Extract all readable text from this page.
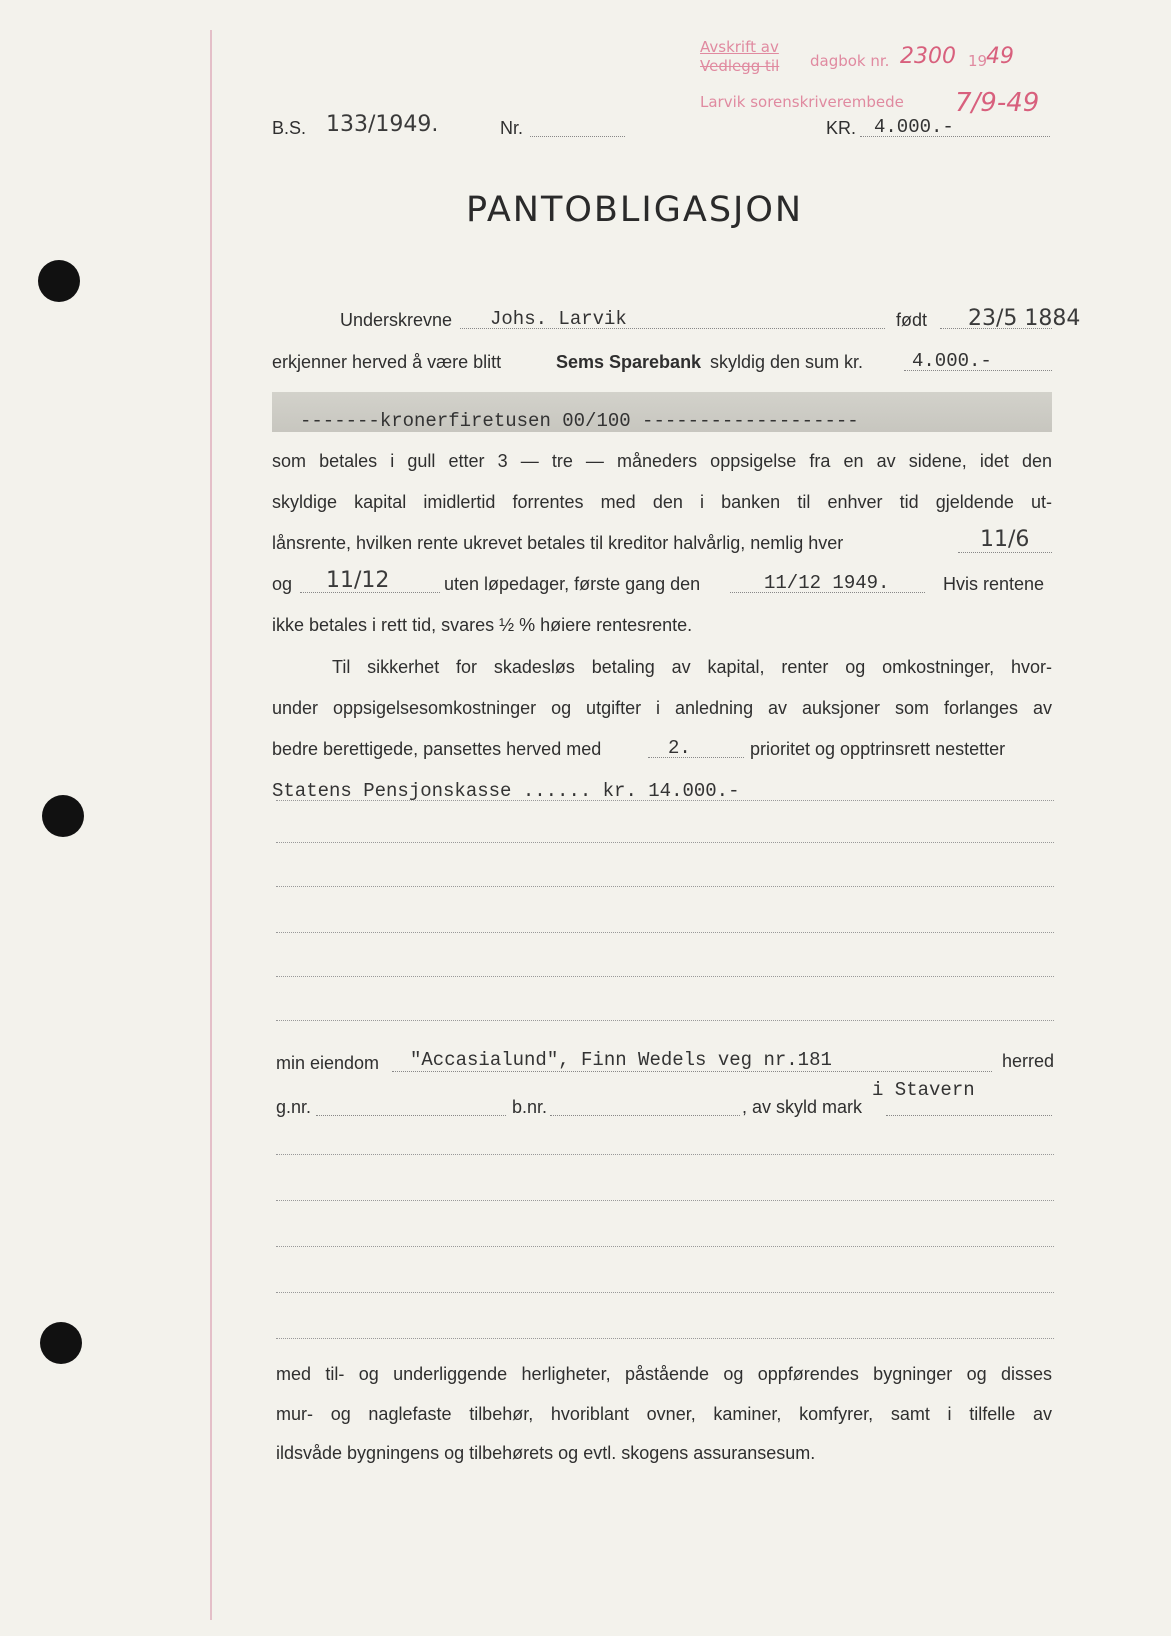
Avskrift av
Vedlegg til
Larvik sorenskriverembede
dagbok nr. 2300 19
49
7/9-49
B.S. 133/1949.	Nr.	KR. 4.000.-
PANTOBLIGASJON
Underskrevne Johs. Larvik	født 23/5 1884
erkjenner herved å være blitt	Sems Sparebank skyldig den sum kr.	4.000.-
-------kronerfiretusen 00/100 -------------------
som betales i gull etter 3 — tre — måneders oppsigelse fra en av sidene, idet den
skyldige kapital imidlertid forrentes med den i banken til enhver tid gjeldende ut-
lånsrente, hvilken rente ukrevet betales til kreditor halvårlig, nemlig hver	11/6
og 11/12	uten løpedager, første gang den	11/12 1949.	Hvis rentene
ikke betales i rett tid, svares ½ % høiere rentesrente.
Til sikkerhet for skadesløs betaling av kapital, renter og omkostninger, hvor-
under oppsigelsesomkostninger og utgifter i anledning av auksjoner som forlanges av
bedre berettigede, pansettes herved med	2.	prioritet og opptrinsrett nestetter
Statens Pensjonskasse ...... kr. 14.000.-
min eiendom "Accasialund", Finn Wedels veg nr.181	herred
g.nr.	b.nr.	, av skyld mark
i Stavern
med til- og underliggende herligheter, påstående og oppførendes bygninger og disses
mur- og naglefaste tilbehør, hvoriblant ovner, kaminer, komfyrer, samt i tilfelle av
ildsvåde bygningens og tilbehørets og evtl. skogens assuransesum.
